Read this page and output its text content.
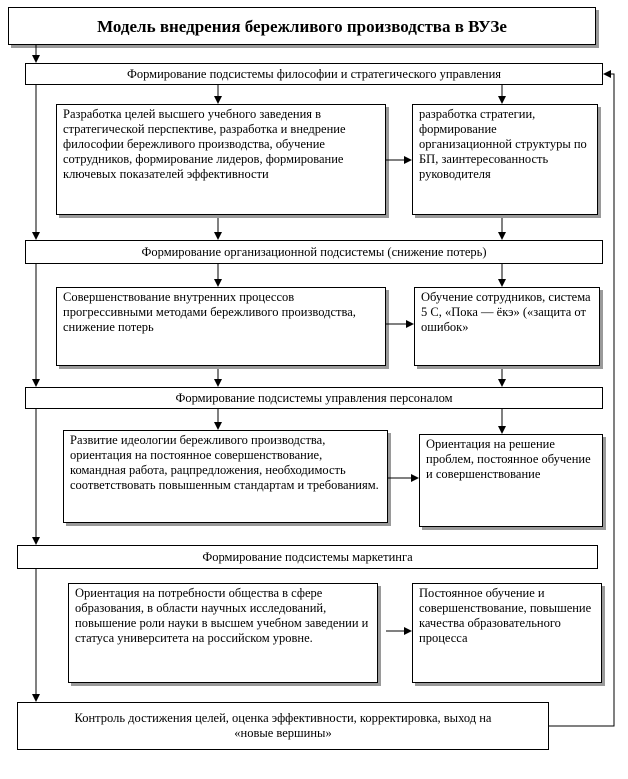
Модель внедрения бережливого производства в ВУЗе
Формирование подсистемы философии и стратегического управления
Разработка целей высшего учебного заведения в стратегической перспективе, разработка и внедрение философии бережливого производства, обучение сотрудников, формирование лидеров, формирование ключевых показателей эффективности
разработка стратегии, формирование организационной структуры по БП, заинтересованность руководителя
Формирование организационной подсистемы (снижение потерь)
Совершенствование внутренних процессов прогрессивными методами бережливого производства, снижение потерь
Обучение сотрудников, система 5 С, «Пока — ёкэ» («защита от ошибок»
Формирование подсистемы управления персоналом
Развитие идеологии бережливого производства, ориентация на постоянное совершенствование, командная работа, рацпредложения, необходимость соответствовать повышенным стандартам и требованиям.
Ориентация на решение проблем, постоянное обучение и совершенствование
Формирование подсистемы маркетинга
Ориентация на потребности общества в сфере образования, в области научных исследований, повышение роли науки в высшем учебном заведении и статуса университета на российском уровне.
Постоянное обучение и совершенствование, повышение качества образовательного процесса
Контроль достижения целей, оценка эффективности, корректировка, выход на «новые вершины»
